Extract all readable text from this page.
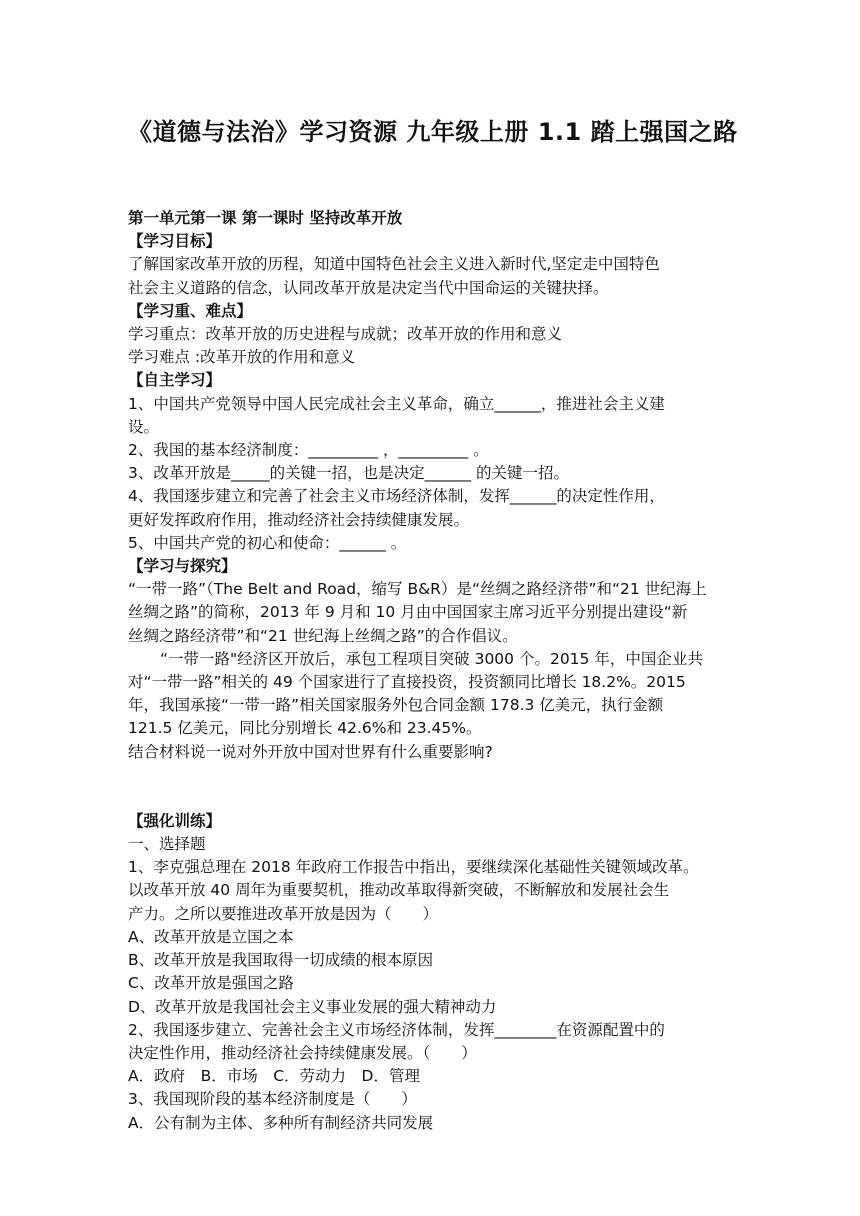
《道德与法治》学习资源 九年级上册 1.1 踏上强国之路

第一单元第一课 第一课时 坚持改革开放

【学习目标】

了解国家改革开放的历程，知道中国特色社会主义进入新时代,坚定走中国特色

社会主义道路的信念，认同改革开放是决定当代中国命运的关键抉择。

【学习重、难点】

学习重点：改革开放的历史进程与成就；改革开放的作用和意义

学习难点 :改革开放的作用和意义

【自主学习】

1、中国共产党领导中国人民完成社会主义革命，确立______，推进社会主义建

设。

2、我国的基本经济制度：_________ ，_________ 。

3、改革开放是_____的关键一招，也是决定______ 的关键一招。

4、我国逐步建立和完善了社会主义市场经济体制，发挥______的决定性作用，

更好发挥政府作用，推动经济社会持续健康发展。

5、中国共产党的初心和使命：______ 。

【学习与探究】

“一带一路”（The Belt and Road，缩写 B&R）是“丝绸之路经济带”和“21 世纪海上

丝绸之路”的简称，2013 年 9 月和 10 月由中国国家主席习近平分别提出建设“新

丝绸之路经济带”和“21 世纪海上丝绸之路”的合作倡议。

“一带一路"经济区开放后，承包工程项目突破 3000 个。2015 年，中国企业共

对“一带一路”相关的 49 个国家进行了直接投资，投资额同比增长 18.2%。2015

年，我国承接“一带一路”相关国家服务外包合同金额 178.3 亿美元，执行金额

121.5 亿美元，同比分别增长 42.6%和 23.45%。

结合材料说一说对外开放中国对世界有什么重要影响?

【强化训练】

一、选择题

1、李克强总理在 2018 年政府工作报告中指出，要继续深化基础性关键领域改革。

以改革开放 40 周年为重要契机，推动改革取得新突破，不断解放和发展社会生

产力。之所以要推进改革开放是因为（　　）

A、改革开放是立国之本

B、改革开放是我国取得一切成绩的根本原因

C、改革开放是强国之路

D、改革开放是我国社会主义事业发展的强大精神动力

2、我国逐步建立、完善社会主义市场经济体制，发挥________在资源配置中的

决定性作用，推动经济社会持续健康发展。（　　）

A．政府　B．市场　C．劳动力　D．管理

3、我国现阶段的基本经济制度是（　　）

A．公有制为主体、多种所有制经济共同发展
